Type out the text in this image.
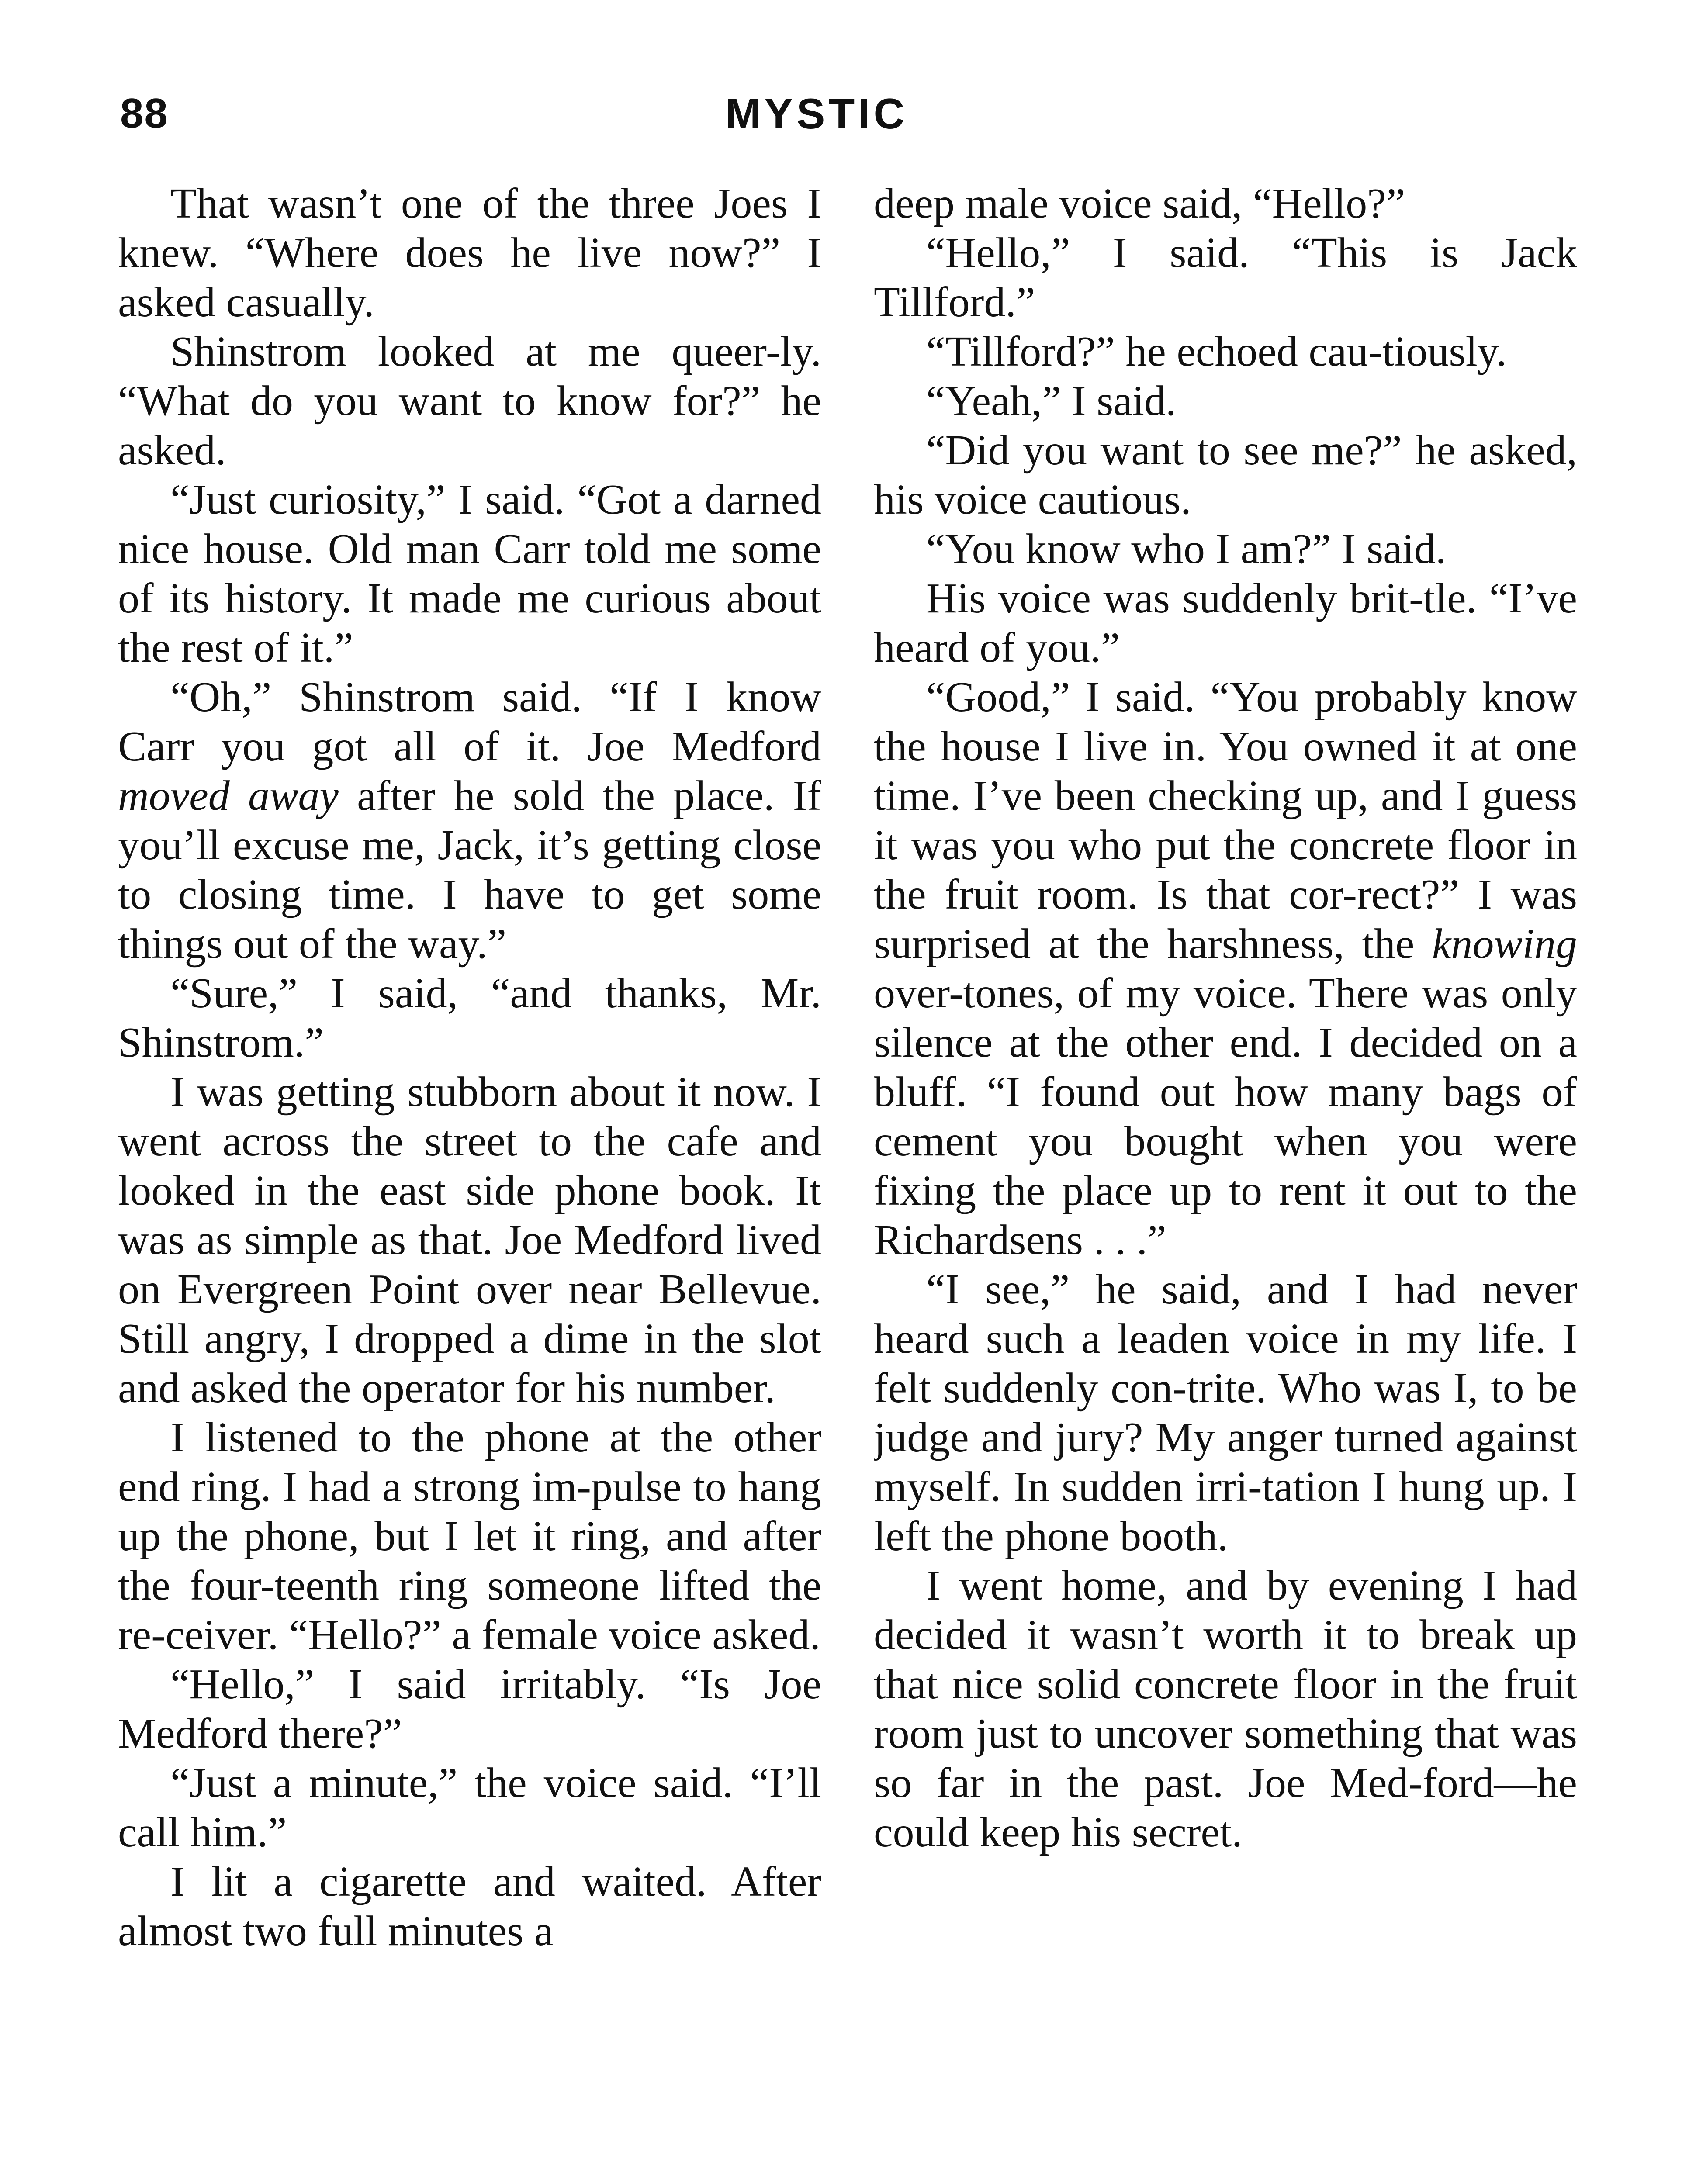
88	MYSTIC

That wasn’t one of the three Joes I knew. “Where does he live now?” I asked casually.

Shinstrom looked at me queer-ly. “What do you want to know for?” he asked.

“Just curiosity,” I said. “Got a darned nice house. Old man Carr told me some of its history. It made me curious about the rest of it.”

“Oh,” Shinstrom said. “If I know Carr you got all of it. Joe Medford moved away after he sold the place. If you’ll excuse me, Jack, it’s getting close to closing time. I have to get some things out of the way.”

“Sure,” I said, “and thanks, Mr. Shinstrom.”

I was getting stubborn about it now. I went across the street to the cafe and looked in the east side phone book. It was as simple as that. Joe Medford lived on Evergreen Point over near Bellevue. Still angry, I dropped a dime in the slot and asked the operator for his number.

I listened to the phone at the other end ring. I had a strong im-pulse to hang up the phone, but I let it ring, and after the four-teenth ring someone lifted the re-ceiver. “Hello?” a female voice asked.

“Hello,” I said irritably. “Is Joe Medford there?”

“Just a minute,” the voice said. “I’ll call him.”

I lit a cigarette and waited. After almost two full minutes a

deep male voice said, “Hello?”

“Hello,” I said. “This is Jack Tillford.”

“Tillford?” he echoed cau-tiously.

“Yeah,” I said.

“Did you want to see me?” he asked, his voice cautious.

“You know who I am?” I said.

His voice was suddenly brit-tle. “I’ve heard of you.”

“Good,” I said. “You probably know the house I live in. You owned it at one time. I’ve been checking up, and I guess it was you who put the concrete floor in the fruit room. Is that cor-rect?” I was surprised at the harshness, the knowing over-tones, of my voice. There was only silence at the other end. I decided on a bluff. “I found out how many bags of cement you bought when you were fixing the place up to rent it out to the Richardsens . . .”

“I see,” he said, and I had never heard such a leaden voice in my life. I felt suddenly con-trite. Who was I, to be judge and jury? My anger turned against myself. In sudden irri-tation I hung up. I left the phone booth.

I went home, and by evening I had decided it wasn’t worth it to break up that nice solid concrete floor in the fruit room just to uncover something that was so far in the past. Joe Med-ford—he could keep his secret.
